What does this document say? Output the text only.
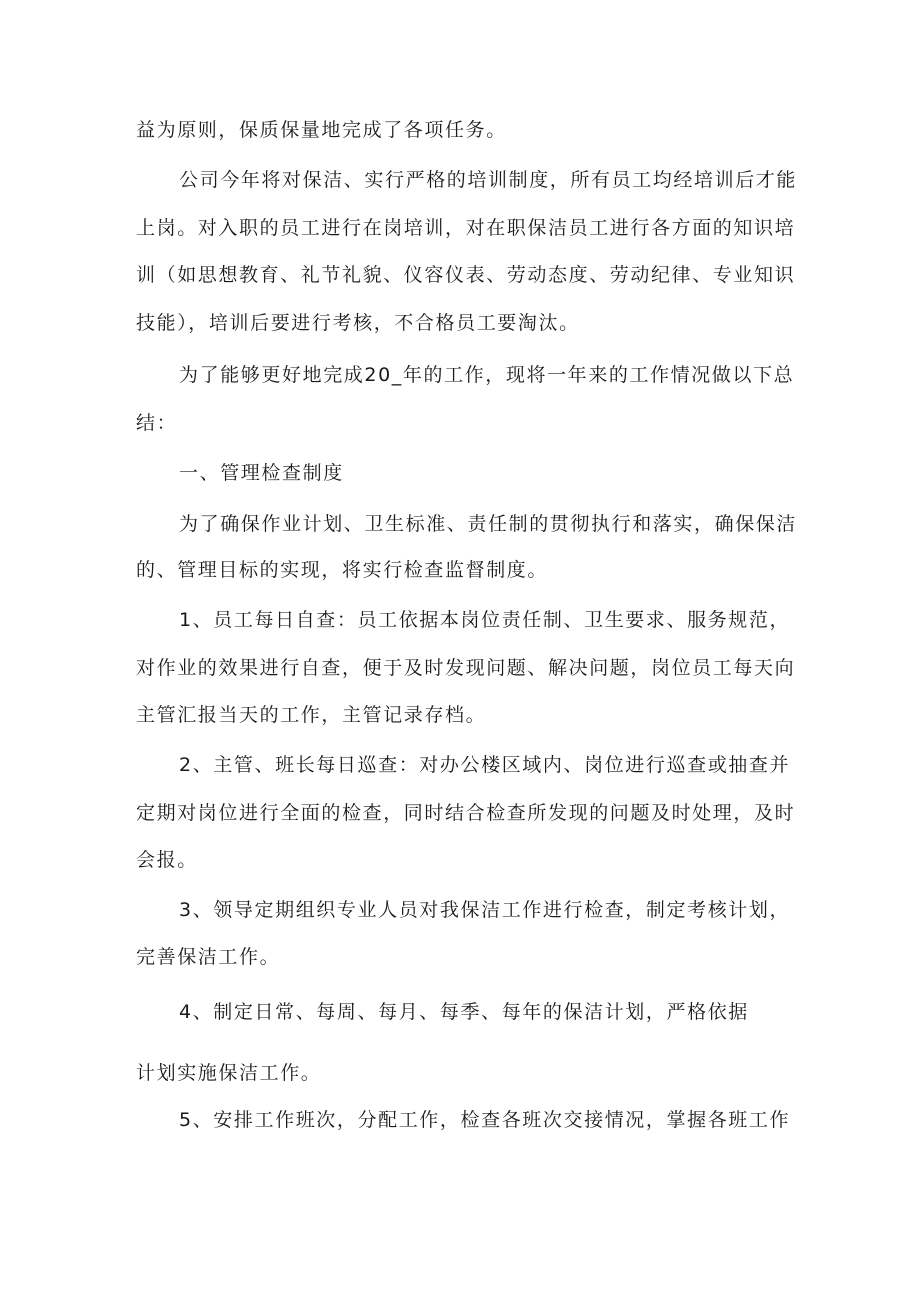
益为原则，保质保量地完成了各项任务。

公司今年将对保洁、实行严格的培训制度，所有员工均经培训后才能

上岗。对入职的员工进行在岗培训，对在职保洁员工进行各方面的知识培

训（如思想教育、礼节礼貌、仪容仪表、劳动态度、劳动纪律、专业知识

技能），培训后要进行考核，不合格员工要淘汰。

为了能够更好地完成20_年的工作，现将一年来的工作情况做以下总

结：

一、管理检查制度

为了确保作业计划、卫生标准、责任制的贯彻执行和落实，确保保洁

的、管理目标的实现，将实行检查监督制度。

1、员工每日自查：员工依据本岗位责任制、卫生要求、服务规范，

对作业的效果进行自查，便于及时发现问题、解决问题，岗位员工每天向

主管汇报当天的工作，主管记录存档。

2、主管、班长每日巡查：对办公楼区域内、岗位进行巡查或抽查并

定期对岗位进行全面的检查，同时结合检查所发现的问题及时处理，及时

会报。

3、领导定期组织专业人员对我保洁工作进行检查，制定考核计划，

完善保洁工作。

4、制定日常、每周、每月、每季、每年的保洁计划，严格依据

计划实施保洁工作。

5、安排工作班次，分配工作，检查各班次交接情况，掌握各班工作
